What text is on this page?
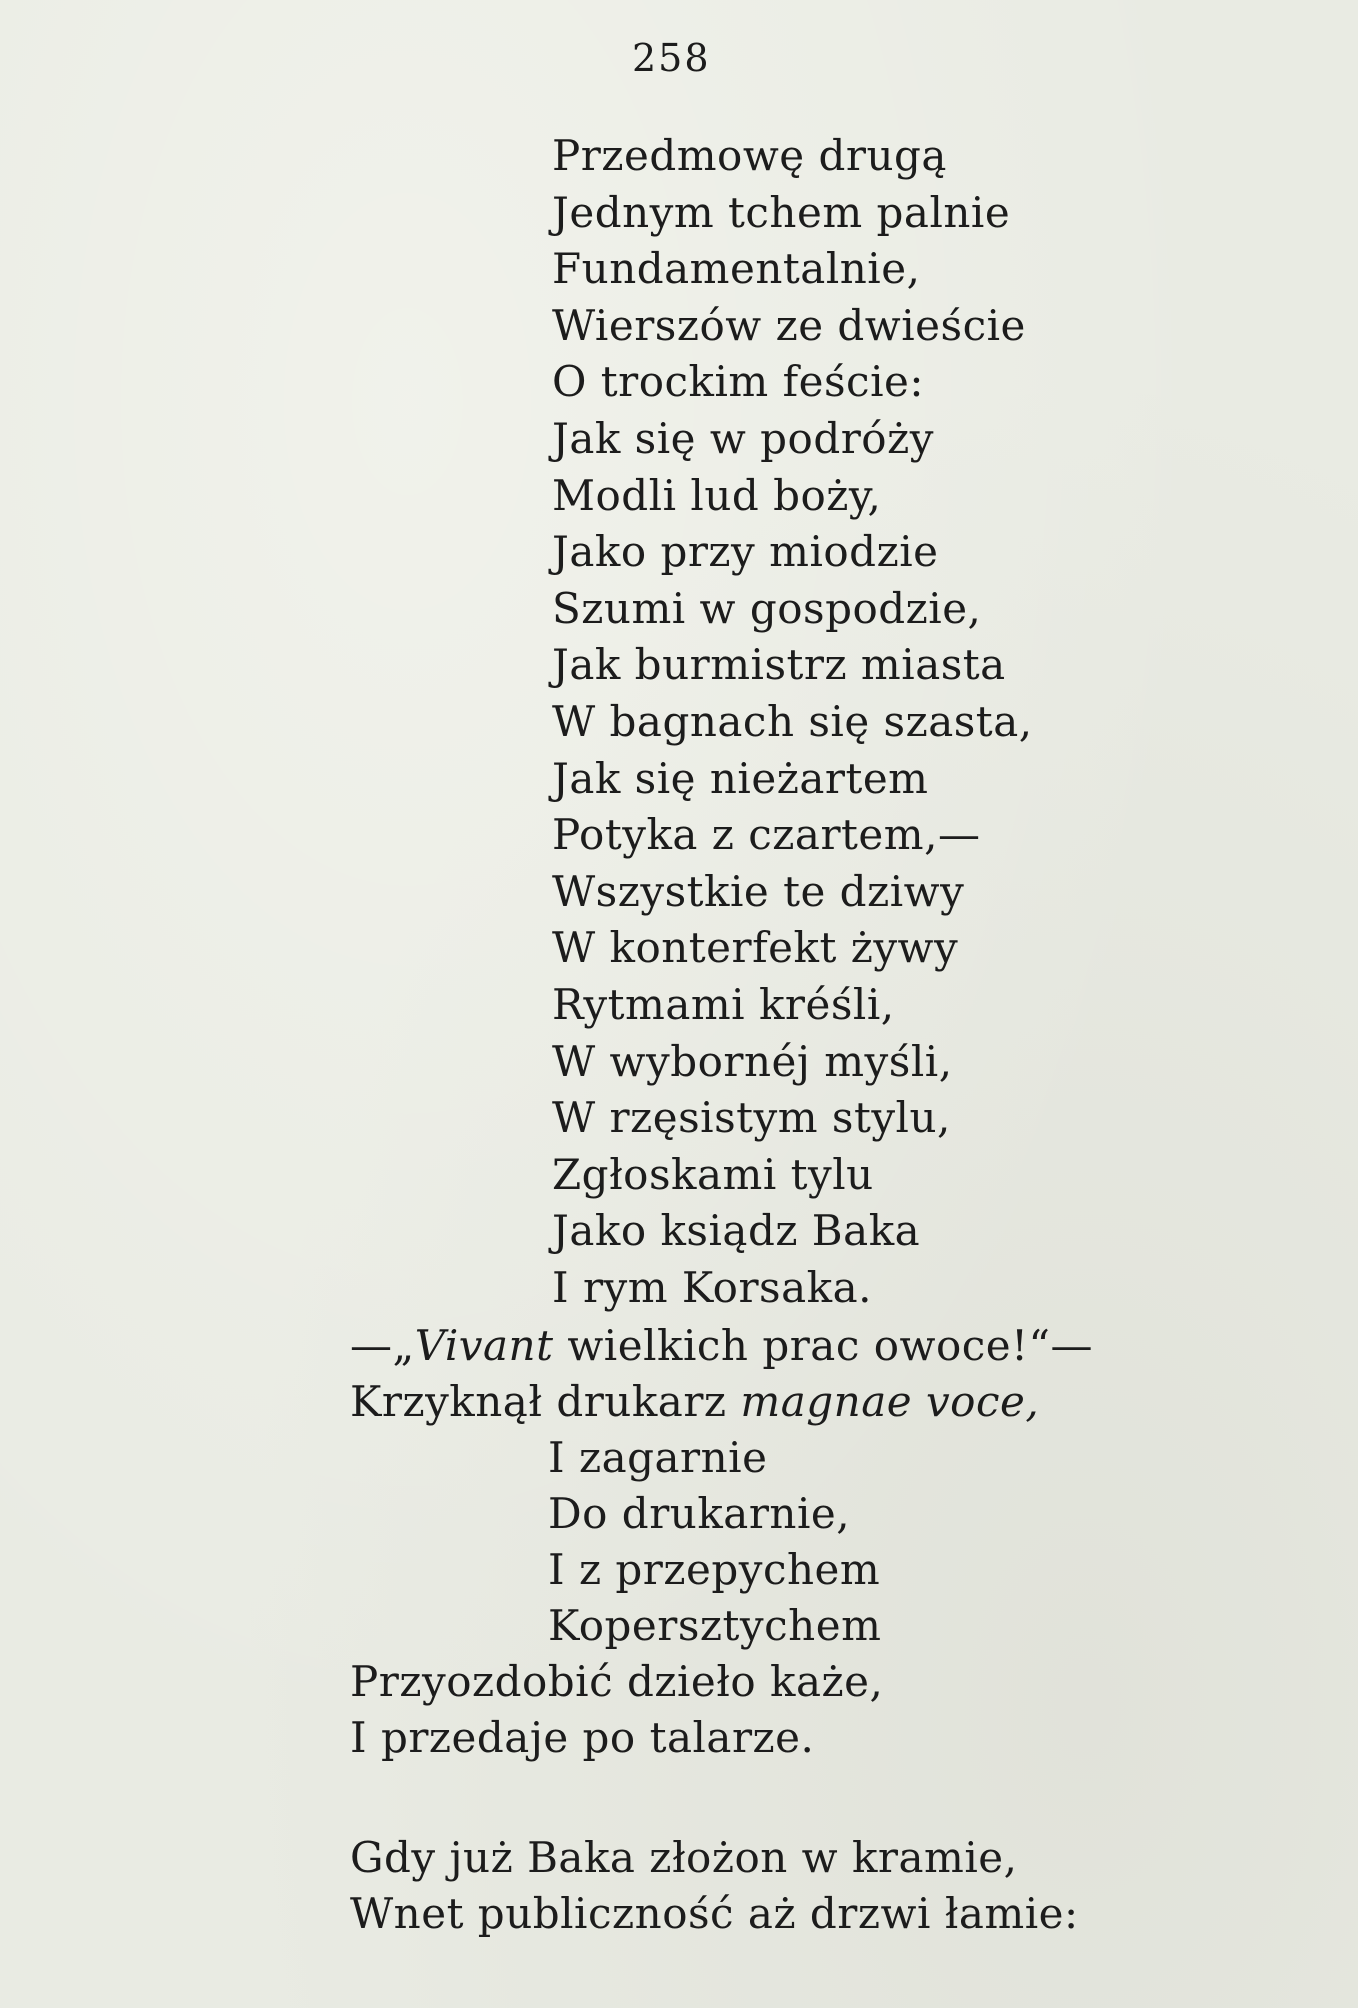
258
Przedmowę drugą
Jednym tchem palnie
Fundamentalnie,
Wierszów ze dwieście
O trockim feście:
Jak się w podróży
Modli lud boży,
Jako przy miodzie
Szumi w gospodzie,
Jak burmistrz miasta
W bagnach się szasta,
Jak się nieżartem
Potyka z czartem,—
Wszystkie te dziwy
W konterfekt żywy
Rytmami kréśli,
W wybornéj myśli,
W rzęsistym stylu,
Zgłoskami tylu
Jako ksiądz Baka
I rym Korsaka.
—„Vivant wielkich prac owoce!“—
Krzyknął drukarz magnae voce,
I zagarnie
Do drukarnie,
I z przepychem
Kopersztychem
Przyozdobić dzieło każe,
I przedaje po talarze.
Gdy już Baka złożon w kramie,
Wnet publiczność aż drzwi łamie:
